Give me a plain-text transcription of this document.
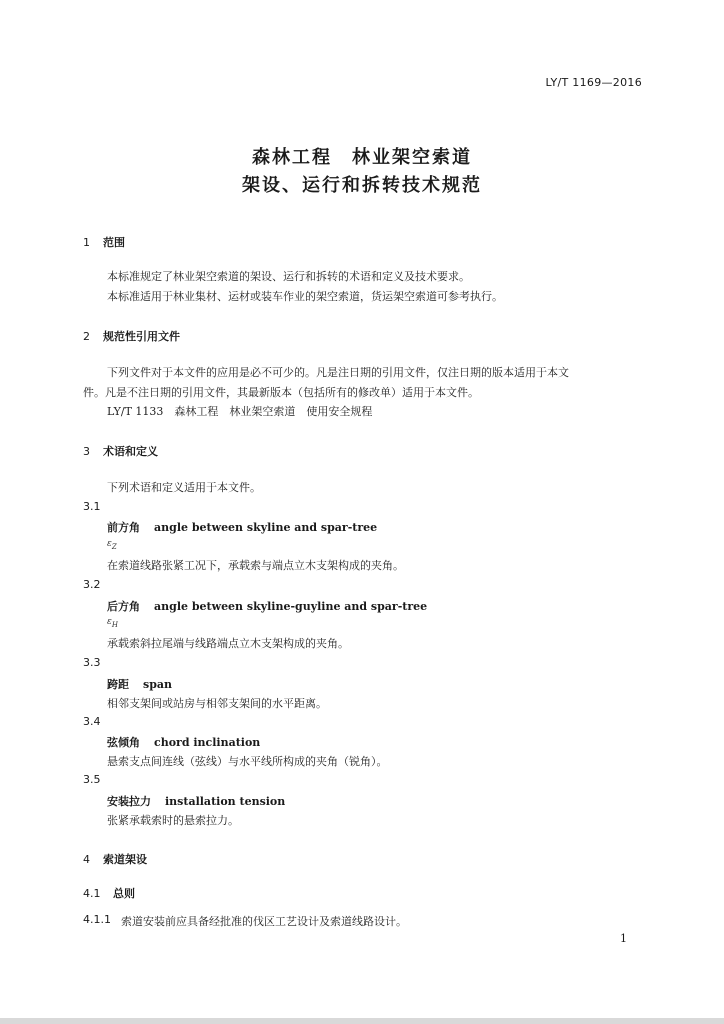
LY/T 1169—2016
森林工程　林业架空索道
架设、运行和拆转技术规范
1 范围
本标准规定了林业架空索道的架设、运行和拆转的术语和定义及技术要求。
本标准适用于林业集材、运材或装车作业的架空索道，货运架空索道可参考执行。
2 规范性引用文件
下列文件对于本文件的应用是必不可少的。凡是注日期的引用文件，仅注日期的版本适用于本文
件。凡是不注日期的引用文件，其最新版本（包括所有的修改单）适用于本文件。
LY/T 1133　森林工程　林业架空索道　使用安全规程
3 术语和定义
下列术语和定义适用于本文件。
3.1
前方角 angle between skyline and spar-tree
$\varepsilon_Z$
在索道线路张紧工况下，承载索与端点立木支架构成的夹角。
3.2
后方角 angle between skyline-guyline and spar-tree
$\varepsilon_H$
承载索斜拉尾端与线路端点立木支架构成的夹角。
3.3
跨距 span
相邻支架间或站房与相邻支架间的水平距离。
3.4
弦倾角 chord inclination
悬索支点间连线（弦线）与水平线所构成的夹角（锐角）。
3.5
安装拉力 installation tension
张紧承载索时的悬索拉力。
4 索道架设
4.1 总则
4.1.1 索道安装前应具备经批准的伐区工艺设计及索道线路设计。
1
